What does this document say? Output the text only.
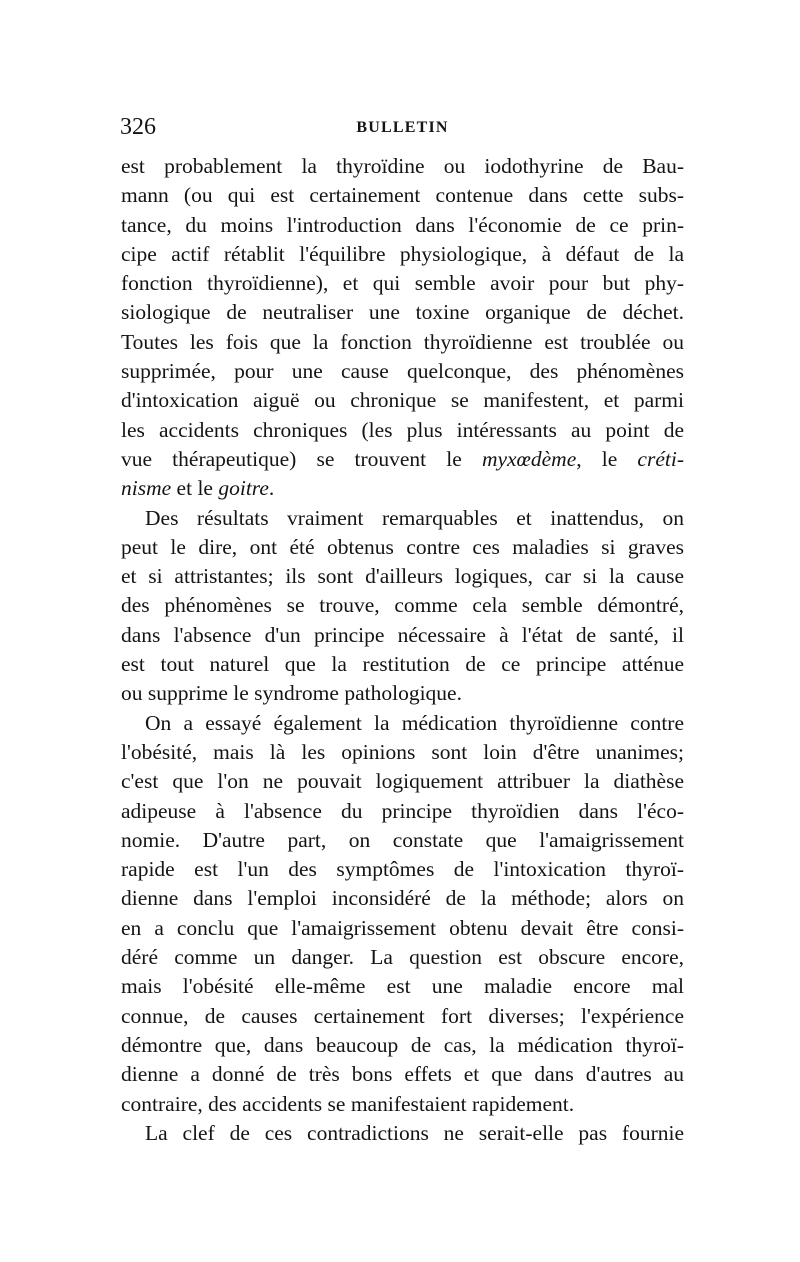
326	BULLETIN
est probablement la thyroïdine ou iodothyrine de Bau-
mann (ou qui est certainement contenue dans cette subs-
tance, du moins l'introduction dans l'économie de ce prin-
cipe actif rétablit l'équilibre physiologique, à défaut de la
fonction thyroïdienne), et qui semble avoir pour but phy-
siologique de neutraliser une toxine organique de déchet.
Toutes les fois que la fonction thyroïdienne est troublée ou
supprimée, pour une cause quelconque, des phénomènes
d'intoxication aiguë ou chronique se manifestent, et parmi
les accidents chroniques (les plus intéressants au point de
vue thérapeutique) se trouvent le myxœdème, le créti-
nisme et le goitre.
Des résultats vraiment remarquables et inattendus, on
peut le dire, ont été obtenus contre ces maladies si graves
et si attristantes; ils sont d'ailleurs logiques, car si la cause
des phénomènes se trouve, comme cela semble démontré,
dans l'absence d'un principe nécessaire à l'état de santé, il
est tout naturel que la restitution de ce principe atténue
ou supprime le syndrome pathologique.
On a essayé également la médication thyroïdienne contre
l'obésité, mais là les opinions sont loin d'être unanimes;
c'est que l'on ne pouvait logiquement attribuer la diathèse
adipeuse à l'absence du principe thyroïdien dans l'éco-
nomie. D'autre part, on constate que l'amaigrissement
rapide est l'un des symptômes de l'intoxication thyroï-
dienne dans l'emploi inconsidéré de la méthode; alors on
en a conclu que l'amaigrissement obtenu devait être consi-
déré comme un danger. La question est obscure encore,
mais l'obésité elle-même est une maladie encore mal
connue, de causes certainement fort diverses; l'expérience
démontre que, dans beaucoup de cas, la médication thyroï-
dienne a donné de très bons effets et que dans d'autres au
contraire, des accidents se manifestaient rapidement.
La clef de ces contradictions ne serait-elle pas fournie
